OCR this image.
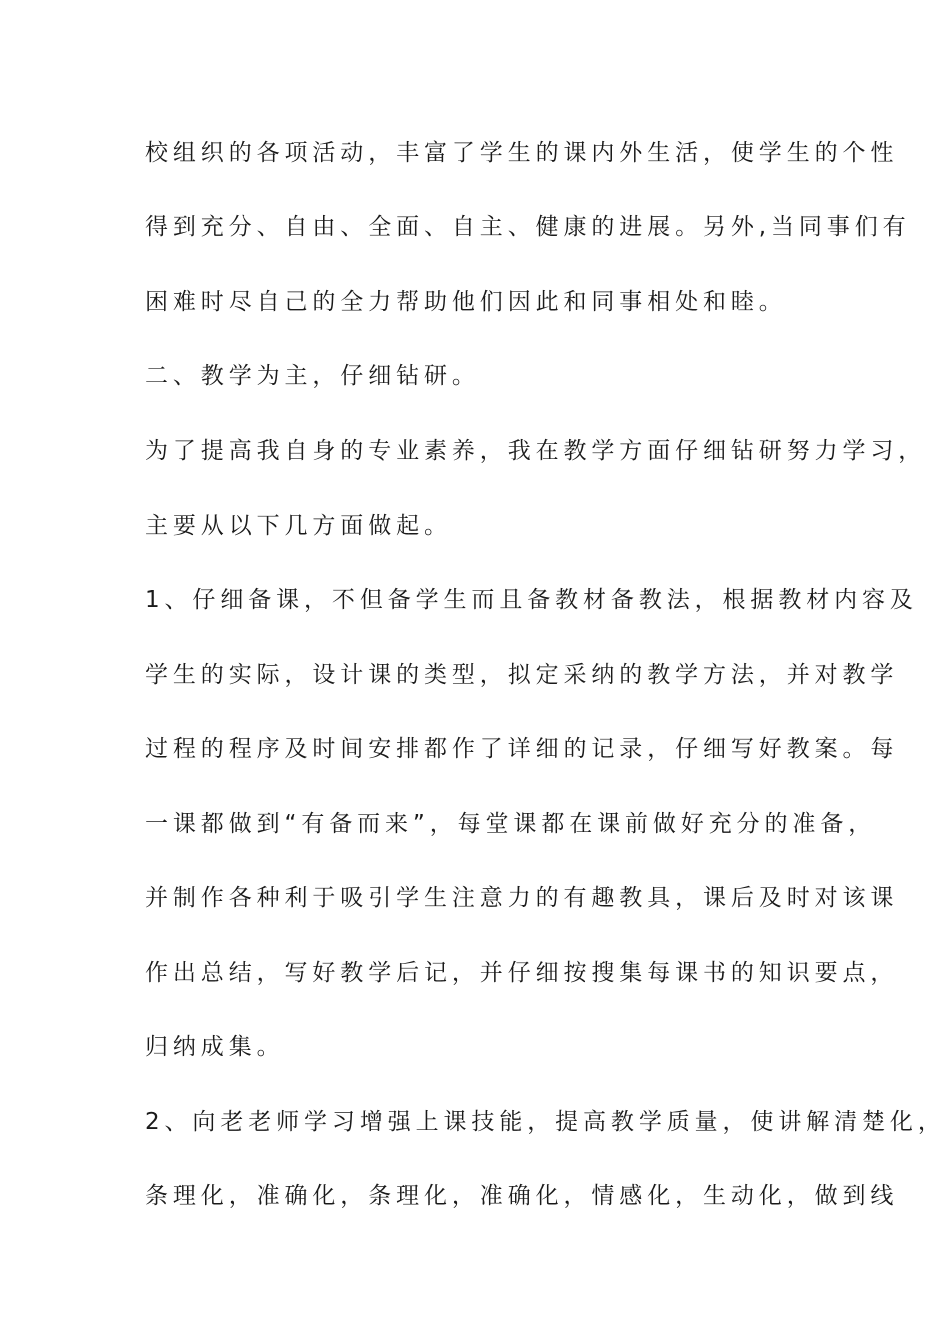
校组织的各项活动，丰富了学生的课内外生活，使学生的个性
得到充分、自由、全面、自主、健康的进展。另外,当同事们有
困难时尽自己的全力帮助他们因此和同事相处和睦。
二、教学为主，仔细钻研。
为了提高我自身的专业素养，我在教学方面仔细钻研努力学习，
主要从以下几方面做起。
1、仔细备课，不但备学生而且备教材备教法，根据教材内容及
学生的实际，设计课的类型，拟定采纳的教学方法，并对教学
过程的程序及时间安排都作了详细的记录，仔细写好教案。每
一课都做到“有备而来”，每堂课都在课前做好充分的准备，
并制作各种利于吸引学生注意力的有趣教具，课后及时对该课
作出总结，写好教学后记，并仔细按搜集每课书的知识要点，
归纳成集。
2、向老老师学习增强上课技能，提高教学质量，使讲解清楚化，
条理化，准确化，条理化，准确化，情感化，生动化，做到线
